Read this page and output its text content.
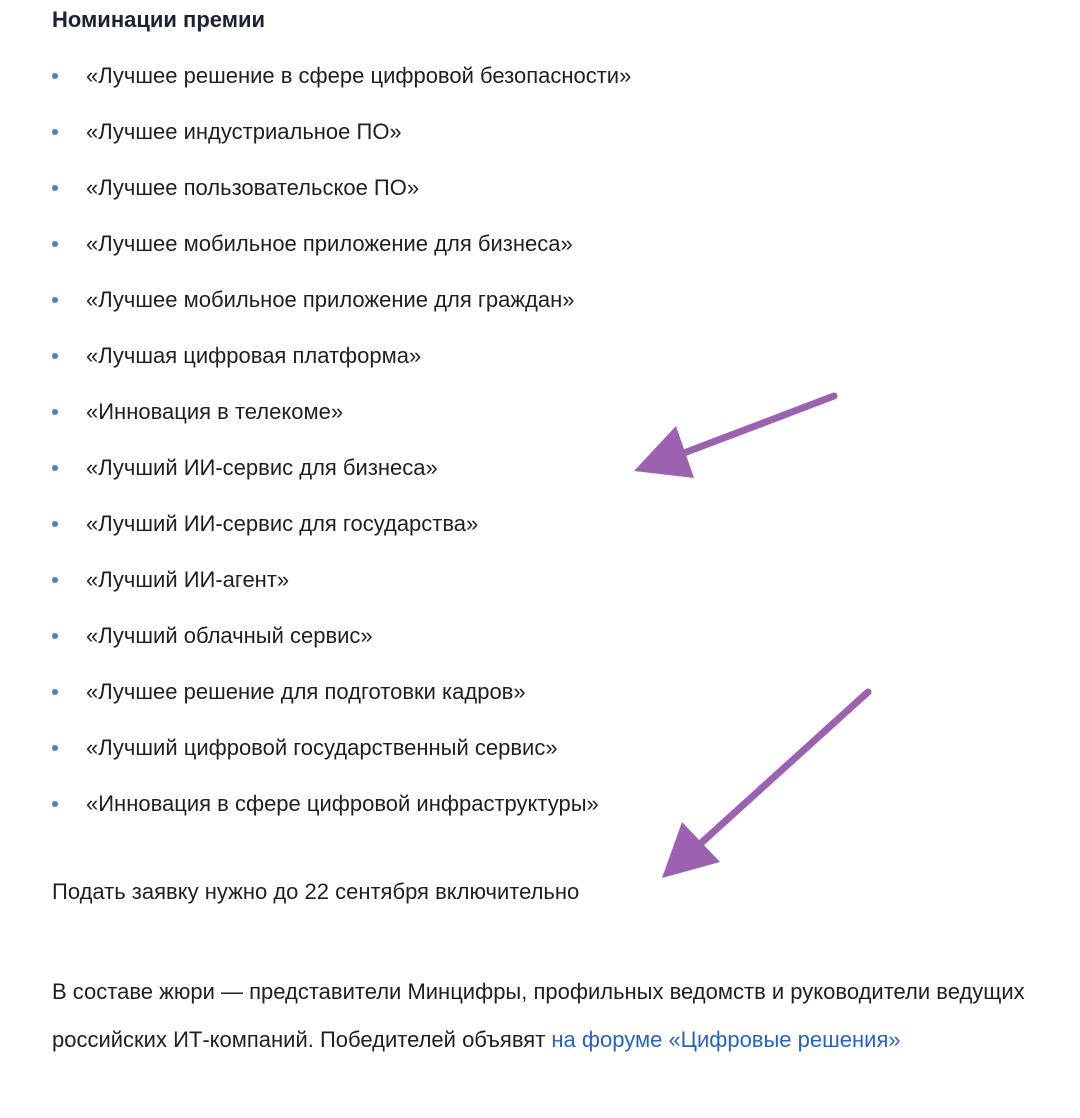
Номинации премии
«Лучшее решение в сфере цифровой безопасности»
«Лучшее индустриальное ПО»
«Лучшее пользовательское ПО»
«Лучшее мобильное приложение для бизнеса»
«Лучшее мобильное приложение для граждан»
«Лучшая цифровая платформа»
«Инновация в телекоме»
«Лучший ИИ-сервис для бизнеса»
«Лучший ИИ-сервис для государства»
«Лучший ИИ-агент»
«Лучший облачный сервис»
«Лучшее решение для подготовки кадров»
«Лучший цифровой государственный сервис»
«Инновация в сфере цифровой инфраструктуры»
Подать заявку нужно до 22 сентября включительно
В составе жюри — представители Минцифры, профильных ведомств и руководители ведущих российских ИТ-компаний. Победителей объявят на форуме «Цифровые решения»
